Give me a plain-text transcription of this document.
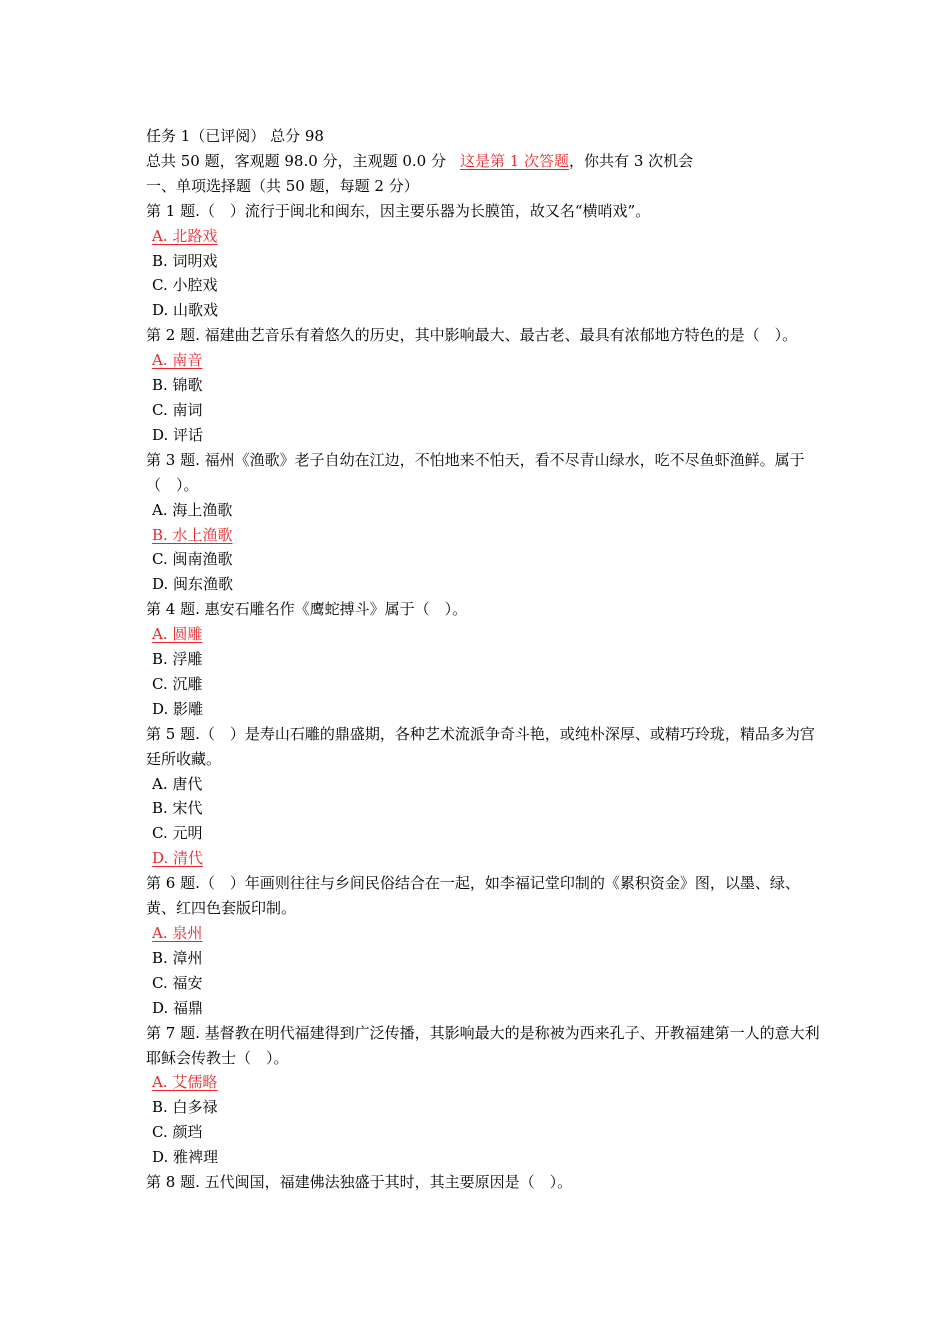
任务 1（已评阅） 总分 98
总共 50 题，客观题 98.0 分，主观题 0.0 分 这是第 1 次答题，你共有 3 次机会
一、单项选择题（共 50 题，每题 2 分）
第 1 题.（　）流行于闽北和闽东，因主要乐器为长膜笛，故又名“横哨戏”。
A. 北路戏
B. 词明戏
C. 小腔戏
D. 山歌戏
第 2 题. 福建曲艺音乐有着悠久的历史，其中影响最大、最古老、最具有浓郁地方特色的是（　）。
A. 南音
B. 锦歌
C. 南词
D. 评话
第 3 题. 福州《渔歌》老子自幼在江边，不怕地来不怕天，看不尽青山绿水，吃不尽鱼虾渔鲜。属于（　）。
A. 海上渔歌
B. 水上渔歌
C. 闽南渔歌
D. 闽东渔歌
第 4 题. 惠安石雕名作《鹰蛇搏斗》属于（　）。
A. 圆雕
B. 浮雕
C. 沉雕
D. 影雕
第 5 题.（　）是寿山石雕的鼎盛期，各种艺术流派争奇斗艳，或纯朴深厚、或精巧玲珑，精品多为宫廷所收藏。
A. 唐代
B. 宋代
C. 元明
D. 清代
第 6 题.（　）年画则往往与乡间民俗结合在一起，如李福记堂印制的《累积资金》图，以墨、绿、黄、红四色套版印制。
A. 泉州
B. 漳州
C. 福安
D. 福鼎
第 7 题. 基督教在明代福建得到广泛传播，其影响最大的是称被为西来孔子、开教福建第一人的意大利耶稣会传教士（　）。
A. 艾儒略
B. 白多禄
C. 颜珰
D. 雅裨理
第 8 题. 五代闽国，福建佛法独盛于其时，其主要原因是（　）。
